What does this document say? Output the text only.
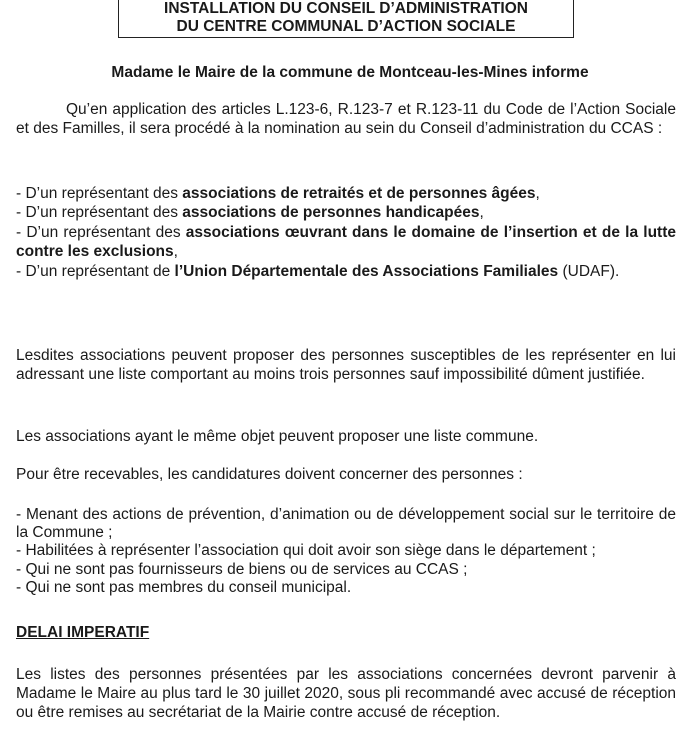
INSTALLATION DU CONSEIL D’ADMINISTRATION
DU CENTRE COMMUNAL D’ACTION SOCIALE
Madame le Maire de la commune de Montceau-les-Mines informe
Qu’en application des articles L.123-6, R.123-7 et R.123-11 du Code de l’Action Sociale et des Familles, il sera procédé à la nomination au sein du Conseil d’administration du CCAS :
- D’un représentant des associations de retraités et de personnes âgées,
- D’un représentant des associations de personnes handicapées,
- D’un représentant des associations œuvrant dans le domaine de l’insertion et de la lutte contre les exclusions,
- D’un représentant de l’Union Départementale des Associations Familiales (UDAF).
Lesdites associations peuvent proposer des personnes susceptibles de les représenter en lui adressant une liste comportant au moins trois personnes sauf impossibilité dûment justifiée.
Les associations ayant le même objet peuvent proposer une liste commune.
Pour être recevables, les candidatures doivent concerner des personnes :
- Menant des actions de prévention, d’animation ou de développement social sur le territoire de la Commune ;
- Habilitées à représenter l’association qui doit avoir son siège dans le département ;
- Qui ne sont pas fournisseurs de biens ou de services au CCAS ;
- Qui ne sont pas membres du conseil municipal.
DELAI IMPERATIF
Les listes des personnes présentées par les associations concernées devront parvenir à Madame le Maire au plus tard le 30 juillet 2020, sous pli recommandé avec accusé de réception ou être remises au secrétariat de la Mairie contre accusé de réception.
